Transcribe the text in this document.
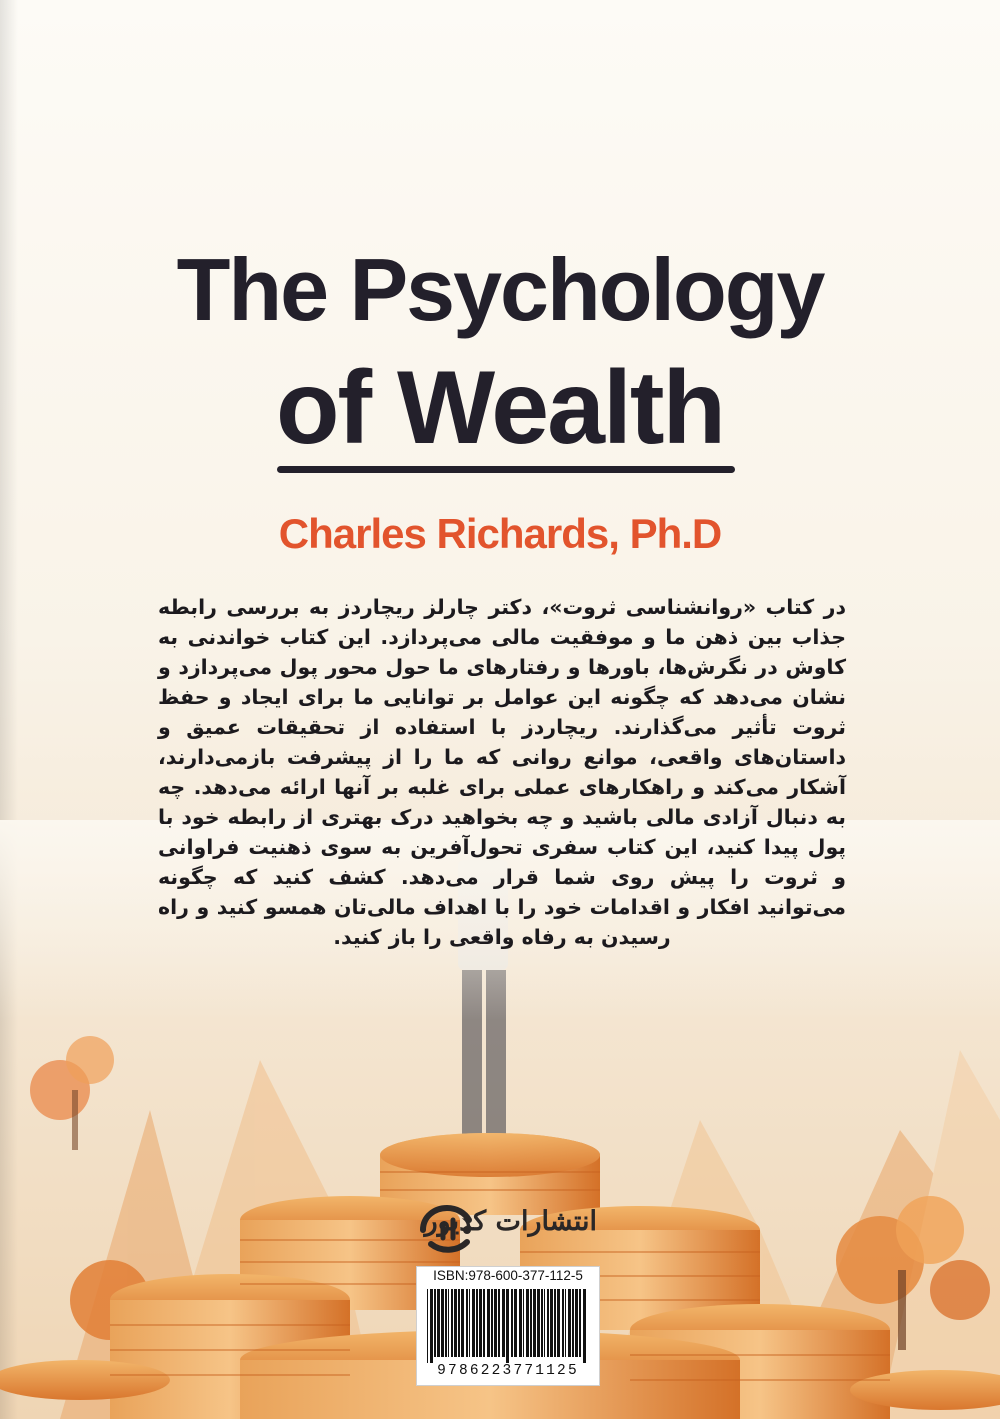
The Psychology
of Wealth
Charles Richards, Ph.D

در کتاب «روانشناسی ثروت»، دکتر چارلز ریچاردز به بررسی رابطه جذاب بین ذهن ما و موفقیت مالی می‌پردازد. این کتاب خواندنی به کاوش در نگرش‌ها، باورها و رفتارهای ما حول محور پول می‌پردازد و نشان می‌دهد که چگونه این عوامل بر توانایی ما برای ایجاد و حفظ ثروت تأثیر می‌گذارند. ریچاردز با استفاده از تحقیقات عمیق و داستان‌های واقعی، موانع روانی که ما را از پیشرفت بازمی‌دارند، آشکار می‌کند و راهکارهای عملی برای غلبه بر آنها ارائه می‌دهد. چه به دنبال آزادی مالی باشید و چه بخواهید درک بهتری از رابطه خود با پول پیدا کنید، این کتاب سفری تحول‌آفرین به سوی ذهنیت فراوانی و ثروت را پیش روی شما قرار می‌دهد. کشف کنید که چگونه می‌توانید افکار و اقدامات خود را با اهداف مالی‌تان همسو کنید و راه رسیدن به رفاه واقعی را باز کنید.

انتشارات کدیور
ISBN:978-600-377-112-5
9786223771125
